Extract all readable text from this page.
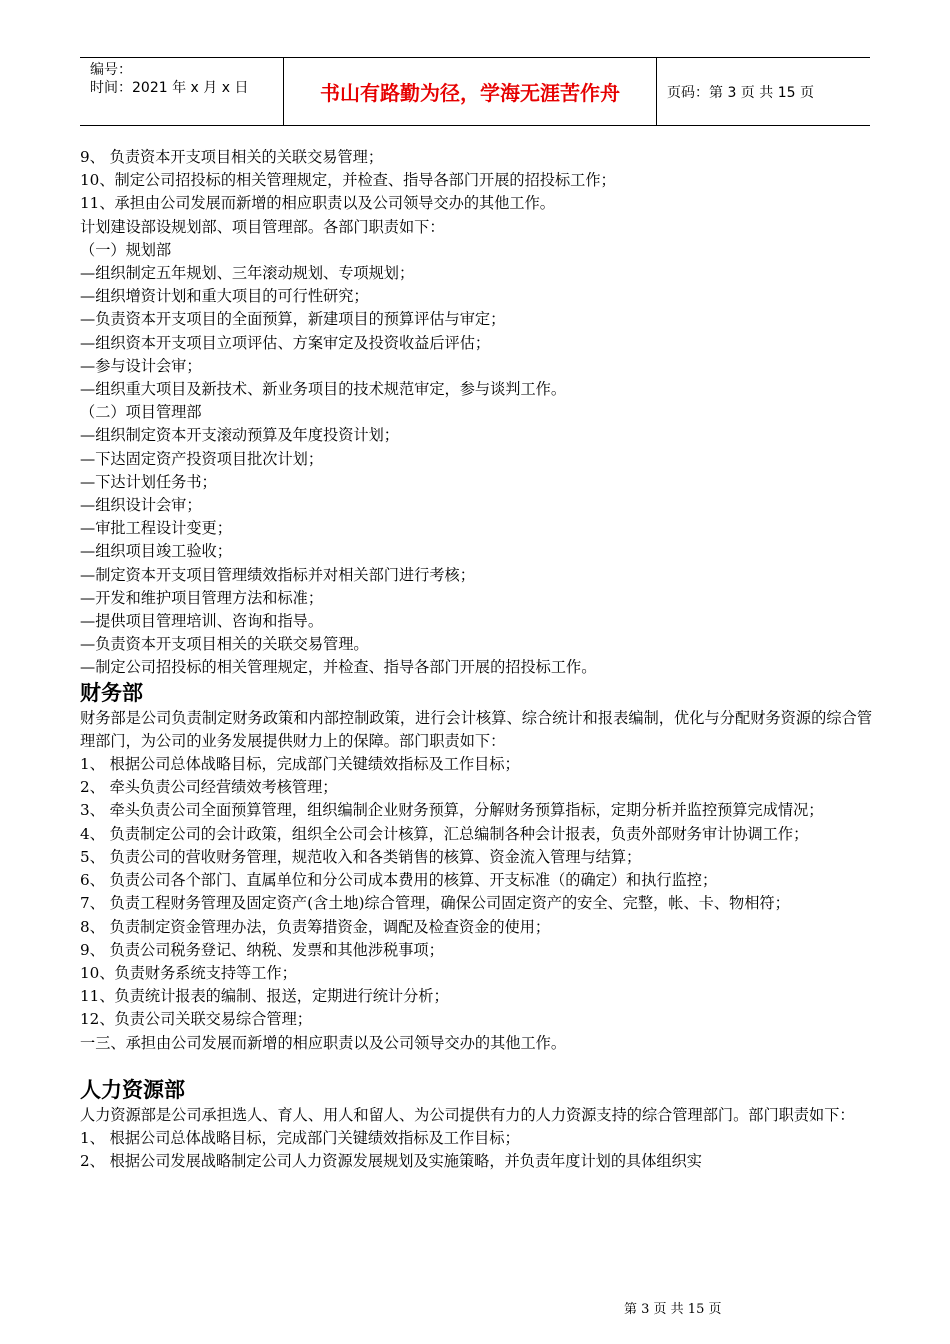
编号：
时间：2021 年 x 月 x 日	书山有路勤为径，学海无涯苦作舟	页码：第 3 页 共 15 页
9、 负责资本开支项目相关的关联交易管理；
10、制定公司招投标的相关管理规定，并检查、指导各部门开展的招投标工作；
11、承担由公司发展而新增的相应职责以及公司领导交办的其他工作。
计划建设部设规划部、项目管理部。各部门职责如下：
（一）规划部
—组织制定五年规划、三年滚动规划、专项规划；
—组织增资计划和重大项目的可行性研究；
—负责资本开支项目的全面预算，新建项目的预算评估与审定；
—组织资本开支项目立项评估、方案审定及投资收益后评估；
—参与设计会审；
—组织重大项目及新技术、新业务项目的技术规范审定，参与谈判工作。
（二）项目管理部
—组织制定资本开支滚动预算及年度投资计划；
—下达固定资产投资项目批次计划；
—下达计划任务书；
—组织设计会审；
—审批工程设计变更；
—组织项目竣工验收；
—制定资本开支项目管理绩效指标并对相关部门进行考核；
—开发和维护项目管理方法和标准；
—提供项目管理培训、咨询和指导。
—负责资本开支项目相关的关联交易管理。
—制定公司招投标的相关管理规定，并检查、指导各部门开展的招投标工作。
财务部
财务部是公司负责制定财务政策和内部控制政策，进行会计核算、综合统计和报表编制，优化与分配财务资源的综合管理部门，为公司的业务发展提供财力上的保障。部门职责如下：
1、 根据公司总体战略目标，完成部门关键绩效指标及工作目标；
2、 牵头负责公司经营绩效考核管理；
3、 牵头负责公司全面预算管理，组织编制企业财务预算，分解财务预算指标，定期分析并监控预算完成情况；
4、 负责制定公司的会计政策，组织全公司会计核算，汇总编制各种会计报表，负责外部财务审计协调工作；
5、 负责公司的营收财务管理，规范收入和各类销售的核算、资金流入管理与结算；
6、 负责公司各个部门、直属单位和分公司成本费用的核算、开支标准（的确定）和执行监控；
7、 负责工程财务管理及固定资产(含土地)综合管理，确保公司固定资产的安全、完整，帐、卡、物相符；
8、 负责制定资金管理办法，负责筹措资金，调配及检查资金的使用；
9、 负责公司税务登记、纳税、发票和其他涉税事项；
10、负责财务系统支持等工作；
11、负责统计报表的编制、报送，定期进行统计分析；
12、负责公司关联交易综合管理；
一三、承担由公司发展而新增的相应职责以及公司领导交办的其他工作。
人力资源部
人力资源部是公司承担选人、育人、用人和留人、为公司提供有力的人力资源支持的综合管理部门。部门职责如下：
1、 根据公司总体战略目标，完成部门关键绩效指标及工作目标；
2、 根据公司发展战略制定公司人力资源发展规划及实施策略，并负责年度计划的具体组织实
第 3 页 共 15 页
